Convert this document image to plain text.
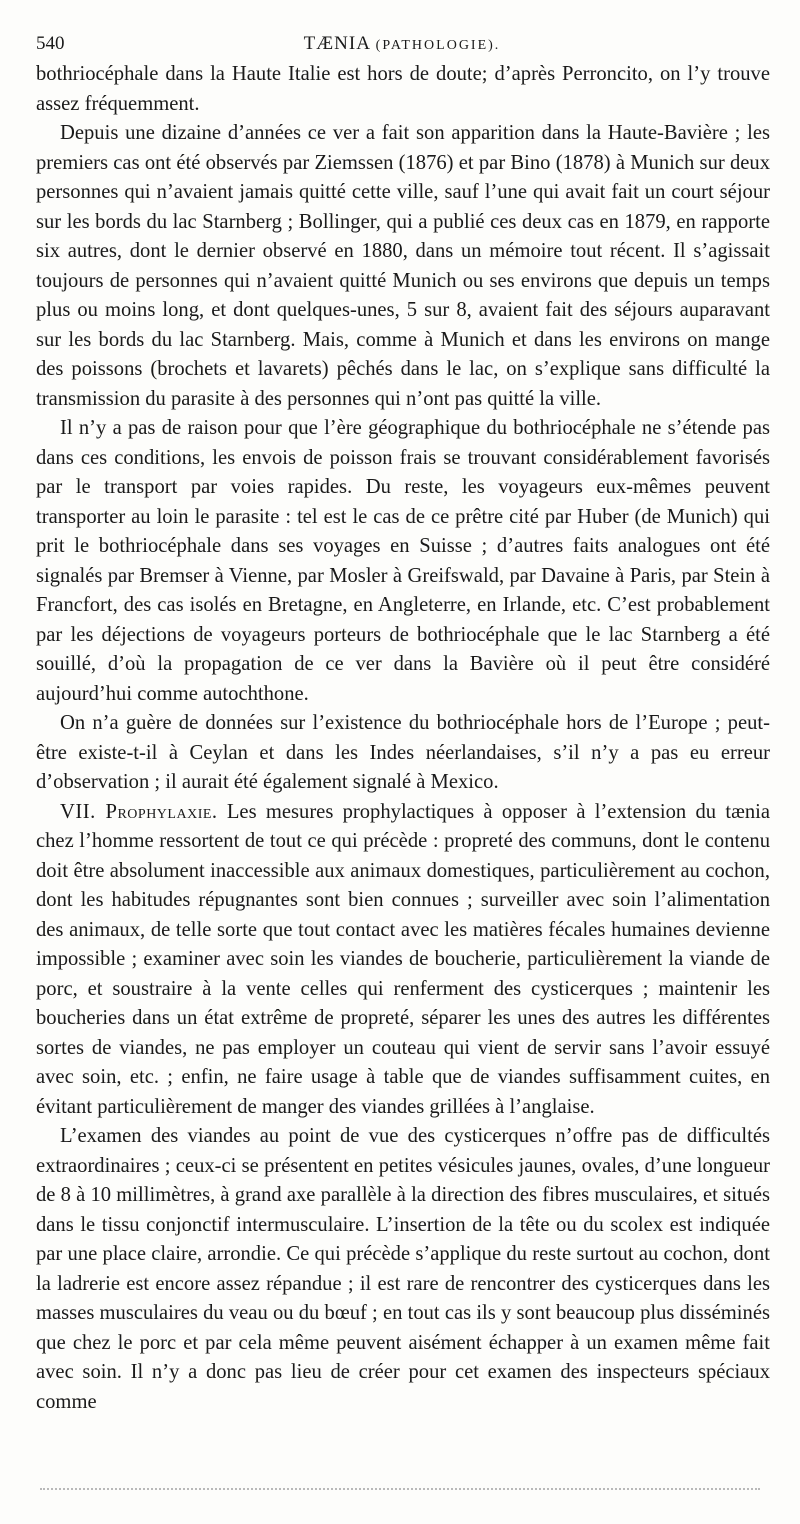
540	TÆNIA (PATHOLOGIE).

bothriocéphale dans la Haute Italie est hors de doute; d’après Perroncito, on l’y trouve assez fréquemment.

Depuis une dizaine d’années ce ver a fait son apparition dans la Haute-Bavière ; les premiers cas ont été observés par Ziemssen (1876) et par Bino (1878) à Munich sur deux personnes qui n’avaient jamais quitté cette ville, sauf l’une qui avait fait un court séjour sur les bords du lac Starnberg ; Bollinger, qui a publié ces deux cas en 1879, en rapporte six autres, dont le dernier observé en 1880, dans un mémoire tout récent. Il s’agissait toujours de personnes qui n’avaient quitté Munich ou ses environs que depuis un temps plus ou moins long, et dont quelques-unes, 5 sur 8, avaient fait des séjours auparavant sur les bords du lac Starnberg. Mais, comme à Munich et dans les environs on mange des poissons (brochets et lavarets) pêchés dans le lac, on s’explique sans difficulté la transmission du parasite à des personnes qui n’ont pas quitté la ville.

Il n’y a pas de raison pour que l’ère géographique du bothriocéphale ne s’étende pas dans ces conditions, les envois de poisson frais se trouvant considérablement favorisés par le transport par voies rapides. Du reste, les voyageurs eux-mêmes peuvent transporter au loin le parasite : tel est le cas de ce prêtre cité par Huber (de Munich) qui prit le bothriocéphale dans ses voyages en Suisse ; d’autres faits analogues ont été signalés par Bremser à Vienne, par Mosler à Greifswald, par Davaine à Paris, par Stein à Francfort, des cas isolés en Bretagne, en Angleterre, en Irlande, etc. C’est probablement par les déjections de voyageurs porteurs de bothriocéphale que le lac Starnberg a été souillé, d’où la propagation de ce ver dans la Bavière où il peut être considéré aujourd’hui comme autochthone.

On n’a guère de données sur l’existence du bothriocéphale hors de l’Europe ; peut-être existe-t-il à Ceylan et dans les Indes néerlandaises, s’il n’y a pas eu erreur d’observation ; il aurait été également signalé à Mexico.

VII. Prophylaxie. Les mesures prophylactiques à opposer à l’extension du tænia chez l’homme ressortent de tout ce qui précède : propreté des communs, dont le contenu doit être absolument inaccessible aux animaux domestiques, particulièrement au cochon, dont les habitudes répugnantes sont bien connues ; surveiller avec soin l’alimentation des animaux, de telle sorte que tout contact avec les matières fécales humaines devienne impossible ; examiner avec soin les viandes de boucherie, particulièrement la viande de porc, et soustraire à la vente celles qui renferment des cysticerques ; maintenir les boucheries dans un état extrême de propreté, séparer les unes des autres les différentes sortes de viandes, ne pas employer un couteau qui vient de servir sans l’avoir essuyé avec soin, etc. ; enfin, ne faire usage à table que de viandes suffisamment cuites, en évitant particulièrement de manger des viandes grillées à l’anglaise.

L’examen des viandes au point de vue des cysticerques n’offre pas de difficultés extraordinaires ; ceux-ci se présentent en petites vésicules jaunes, ovales, d’une longueur de 8 à 10 millimètres, à grand axe parallèle à la direction des fibres musculaires, et situés dans le tissu conjonctif intermusculaire. L’insertion de la tête ou du scolex est indiquée par une place claire, arrondie. Ce qui précède s’applique du reste surtout au cochon, dont la ladrerie est encore assez répandue ; il est rare de rencontrer des cysticerques dans les masses musculaires du veau ou du bœuf ; en tout cas ils y sont beaucoup plus disséminés que chez le porc et par cela même peuvent aisément échapper à un examen même fait avec soin. Il n’y a donc pas lieu de créer pour cet examen des inspecteurs spéciaux comme
